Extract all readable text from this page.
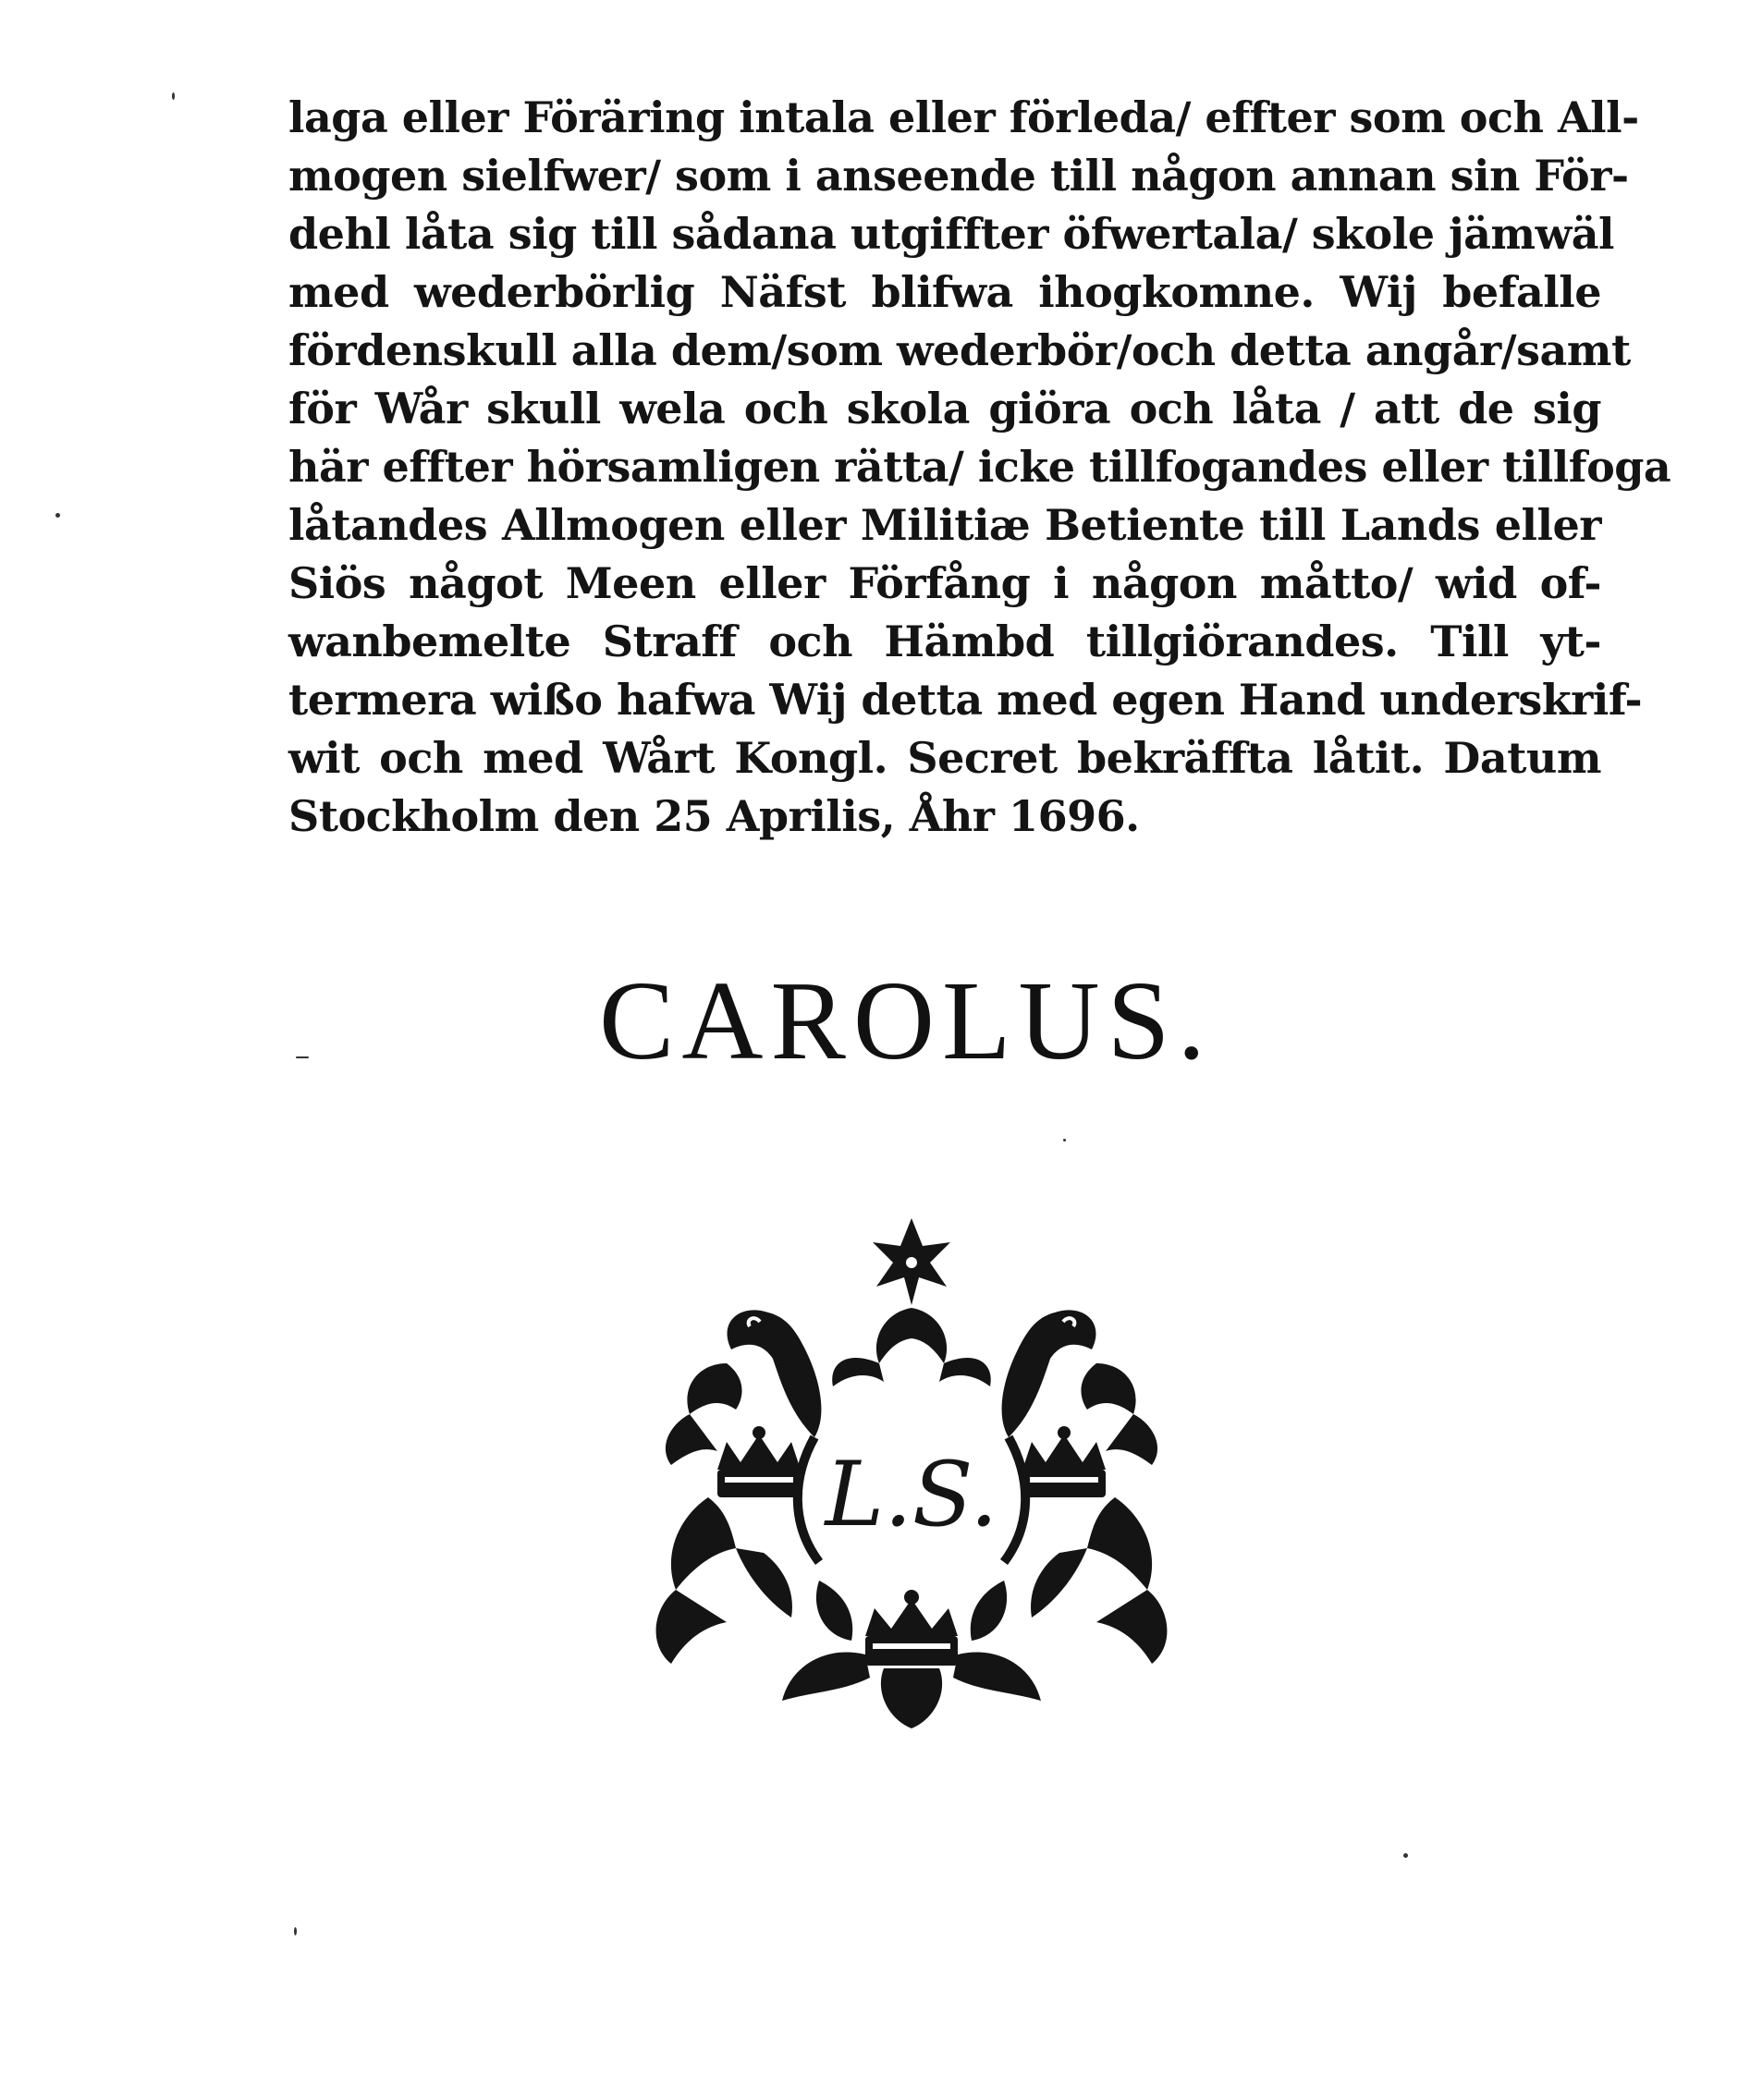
laga eller Föräring intala eller förleda/ effter som och All-
mogen sielfwer/ som i anseende till någon annan sin För-
dehl låta sig till sådana utgiffter öfwertala/ skole jämwäl
med wederbörlig Näfst blifwa ihogkomne. Wij befalle
fördenskull alla dem/som wederbör/och detta angår/samt
för Wår skull wela och skola giöra och låta / att de sig
här effter hörsamligen rätta/ icke tillfogandes eller tillfoga
låtandes Allmogen eller Militiæ Betiente till Lands eller
Siös något Meen eller Förfång i någon måtto/ wid of-
wanbemelte Straff och Hämbd tillgiörandes. Till yt-
termera wißo hafwa Wij detta med egen Hand underskrif-
wit och med Wårt Kongl. Secret bekräffta låtit. Datum
Stockholm den 25 Aprilis, Åhr 1696.
CAROLUS.
L.S.
